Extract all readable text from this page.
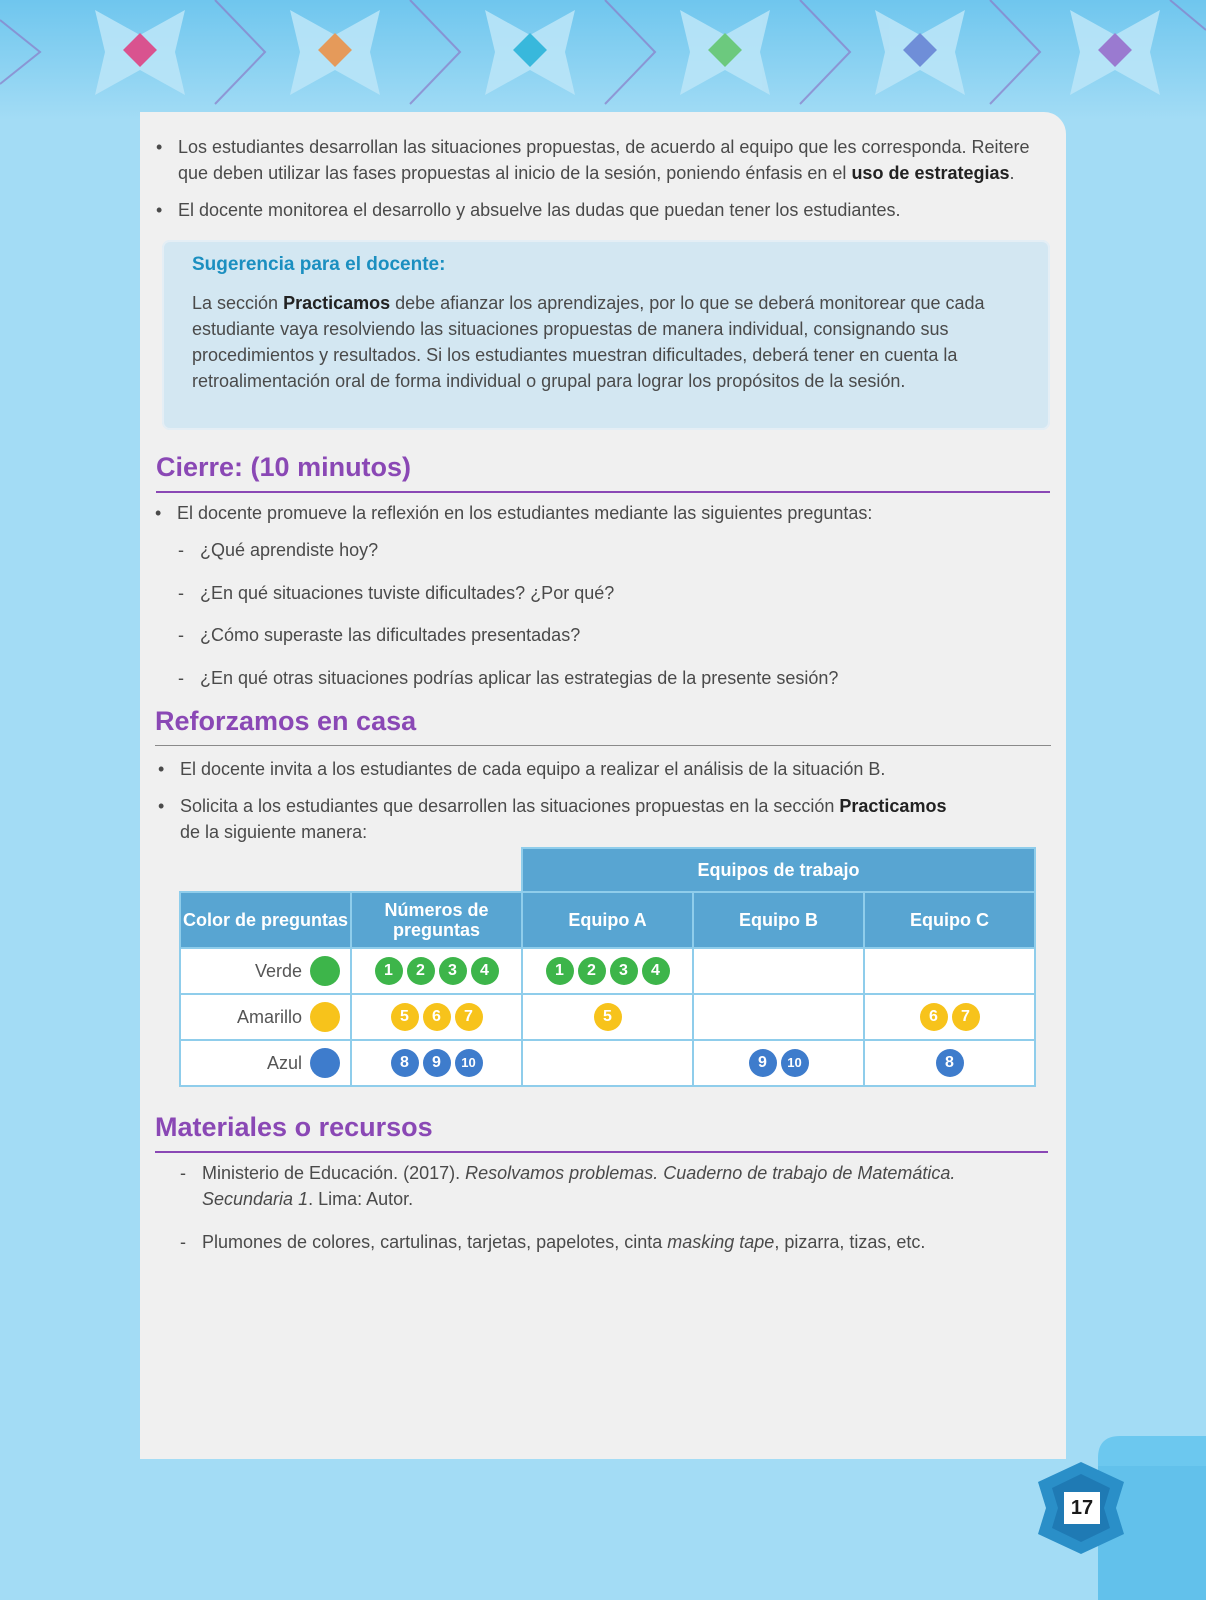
• Los estudiantes desarrollan las situaciones propuestas, de acuerdo al equipo que les corresponda. Reitere que deben utilizar las fases propuestas al inicio de la sesión, poniendo énfasis en el uso de estrategias.
• El docente monitorea el desarrollo y absuelve las dudas que puedan tener los estudiantes.
Sugerencia para el docente:
La sección Practicamos debe afianzar los aprendizajes, por lo que se deberá monitorear que cada estudiante vaya resolviendo las situaciones propuestas de manera individual, consignando sus procedimientos y resultados. Si los estudiantes muestran dificultades, deberá tener en cuenta la retroalimentación oral de forma individual o grupal para lograr los propósitos de la sesión.
Cierre: (10 minutos)
• El docente promueve la reflexión en los estudiantes mediante las siguientes preguntas:
- ¿Qué aprendiste hoy?
- ¿En qué situaciones tuviste dificultades? ¿Por qué?
- ¿Cómo superaste las dificultades presentadas?
- ¿En qué otras situaciones podrías aplicar las estrategias de la presente sesión?
Reforzamos en casa
• El docente invita a los estudiantes de cada equipo a realizar el análisis de la situación B.
• Solicita a los estudiantes que desarrollen las situaciones propuestas en la sección Practicamos de la siguiente manera:
		Equipos de trabajo		
Color de preguntas	Números de preguntas	Equipo A	Equipo B	Equipo C
Verde	1 2 3 4	1 2 3 4		
Amarillo	5 6 7	5		6 7
Azul	8 9 10		9 10	8
Materiales o recursos
- Ministerio de Educación. (2017). Resolvamos problemas. Cuaderno de trabajo de Matemática. Secundaria 1. Lima: Autor.
- Plumones de colores, cartulinas, tarjetas, papelotes, cinta masking tape, pizarra, tizas, etc.
17
